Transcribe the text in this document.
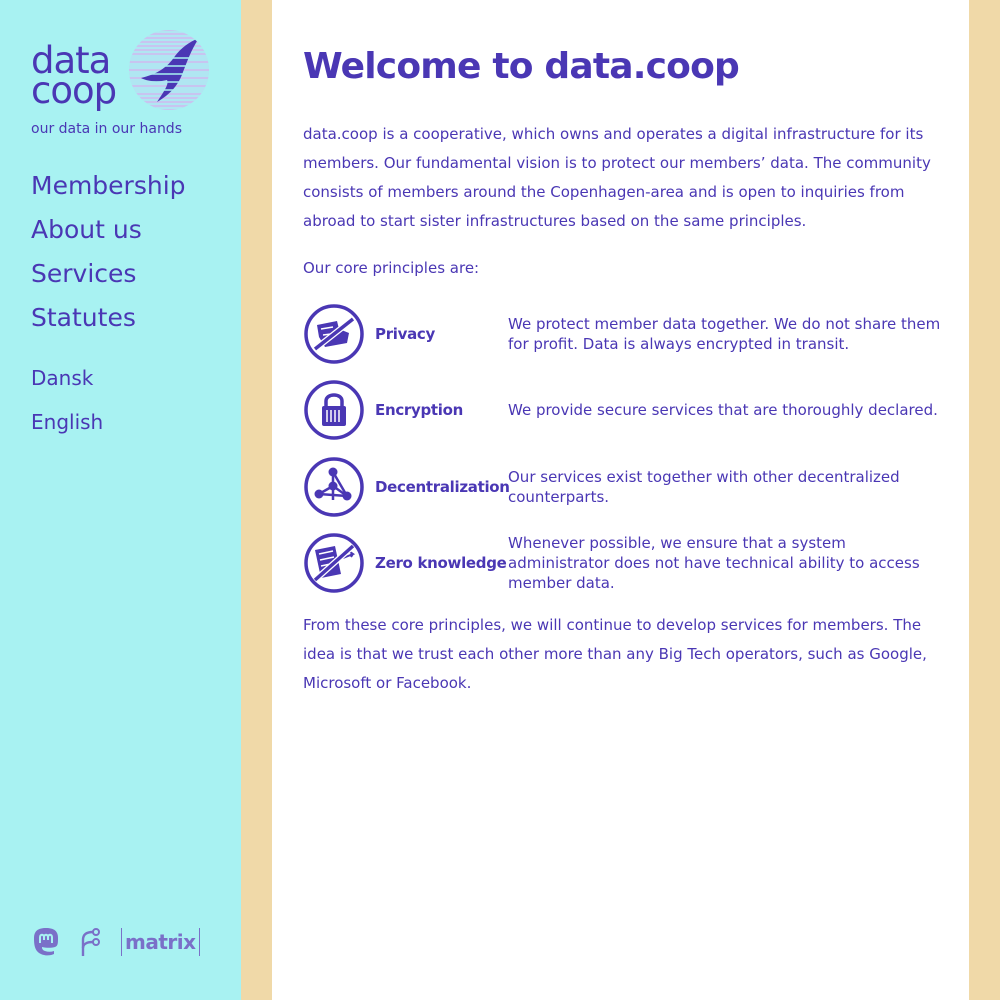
data
coop
our data in our hands
Membership
About us
Services
Statutes
Dansk
English
matrix
Welcome to data.coop

data.coop is a cooperative, which owns and operates a digital infrastructure for its members. Our fundamental vision is to protect our members’ data. The community consists of members around the Copenhagen-area and is open to inquiries from abroad to start sister infrastructures based on the same principles.

Our core principles are:

Privacy
We protect member data together. We do not share them for profit. Data is always encrypted in transit.
Encryption	We provide secure services that are thoroughly declared.
Decentralization
Our services exist together with other decentralized counterparts.
Zero knowledge
Whenever possible, we ensure that a system administrator does not have technical ability to access member data.

From these core principles, we will continue to develop services for members. The idea is that we trust each other more than any Big Tech operators, such as Google, Microsoft or Facebook.
